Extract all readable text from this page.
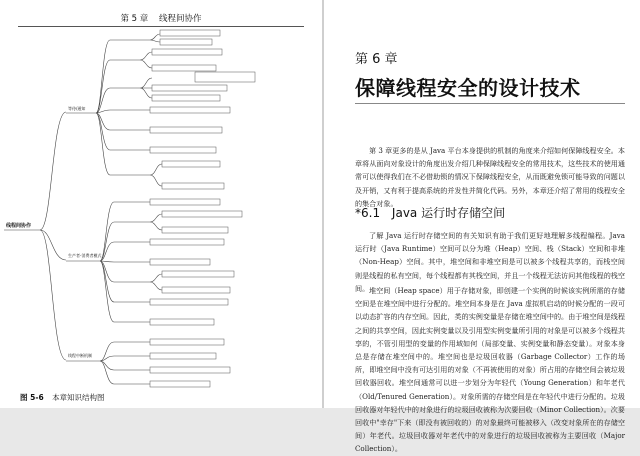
第 5 章 线程间协作
线程间协作
等待/通知
生产者-消费者模式
线程中断机制
图 5-6 本章知识结构图
第 6 章
保障线程安全的设计技术

第 3 章更多的是从 Java 平台本身提供的机制的角度来介绍如何保障线程安全。本章将从面向对象设计的角度出发介绍几种保障线程安全的常用技术，这些技术的使用通常可以使得我们在不必借助锁的情况下保障线程安全，从而既避免锁可能导致的问题以及开销，又有利于提高系统的并发性并简化代码。另外，本章还介绍了常用的线程安全的集合对象。

*6.1 Java 运行时存储空间

了解 Java 运行时存储空间的有关知识有助于我们更好地理解多线程编程。Java 运行时（Java Runtime）空间可以分为堆（Heap）空间、栈（Stack）空间和非堆（Non-Heap）空间。其中，堆空间和非堆空间是可以被多个线程共享的，而栈空间则是线程的私有空间，每个线程都有其栈空间，并且一个线程无法访问其他线程的栈空间。 堆空间（Heap space）用于存储对象，即创建一个实例的时候该实例所需的存储空间是在堆空间中进行分配的。堆空间本身是在 Java 虚拟机启动的时候分配的一段可以动态扩容的内存空间。因此，类的实例变量是存储在堆空间中的。由于堆空间是线程之间的共享空间，因此实例变量以及引用型实例变量所引用的对象是可以被多个线程共享的，不管引用型的变量的作用域如何（局部变量、实例变量和静态变量）。对象本身总是存储在堆空间中的。堆空间也是垃圾回收器（Garbage Collector）工作的场所，即堆空间中没有可达引用的对象（不再被使用的对象）所占用的存储空间会被垃圾回收器回收。堆空间通常可以进一步划分为年轻代（Young Generation）和年老代（Old/Tenured Generation）。对象所需的存储空间是在年轻代中进行分配的。垃圾回收器对年轻代中的对象进行的垃圾回收被称为次要回收（Minor Collection）。次要回收中"幸存"下来（即没有被回收的）的对象最终可能被移入（改变对象所在的存储空间）年老代。垃圾回收器对年老代中的对象进行的垃圾回收被称为主要回收（Major Collection）。
